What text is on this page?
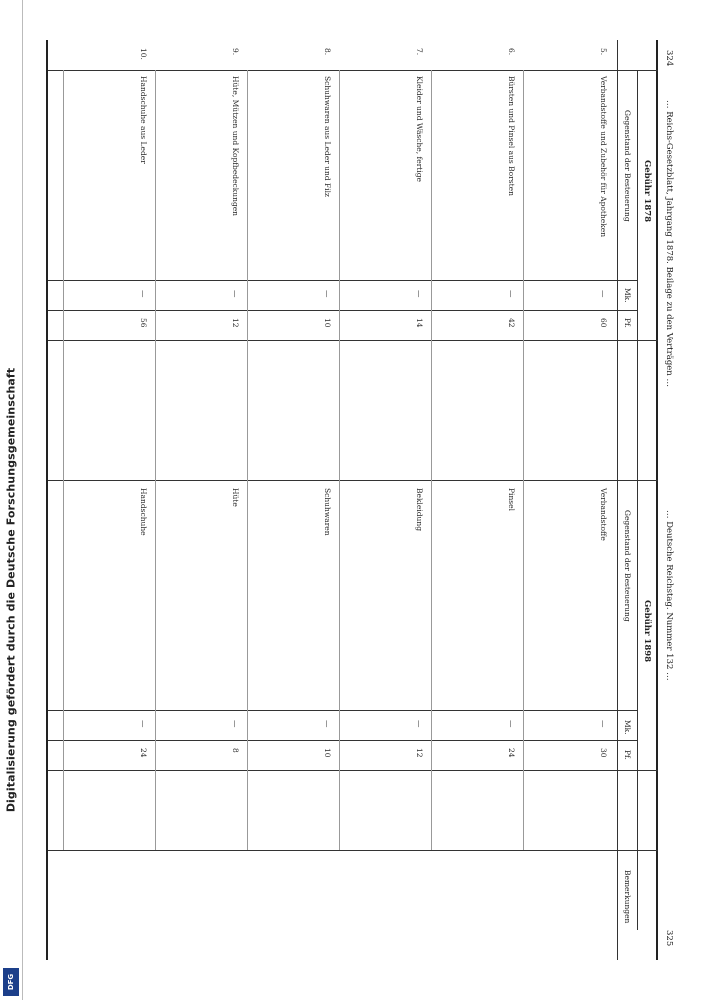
Digitalisierung gefördert durch die Deutsche Forschungsgemeinschaft
DFG
324
… Reichs-Gesetzblatt, Jahrgang 1878. Beilage zu den Verträgen …
… Deutsche Reichstag. Nummer 132 …
325
Gebühr 1878
Gebühr 1898
Gegenstand der Besteuerung
Mk.
Pf.
Gegenstand der Besteuerung
Mk.
Pf.
Bemerkungen
5.
Verbandstoffe und Zubehör für Apotheken
—
60
Verbandstoffe
—
30
6.
Bürsten und Pinsel aus Borsten
—
42
Pinsel
—
24
7.
Kleider und Wäsche, fertige
—
14
Bekleidung
—
12
8.
Schuhwaren aus Leder und Filz
—
10
Schuhwaren
—
10
9.
Hüte, Mützen und Kopfbedeckungen
—
12
Hüte
—
8
10.
Handschuhe aus Leder
—
56
Handschuhe
—
24
